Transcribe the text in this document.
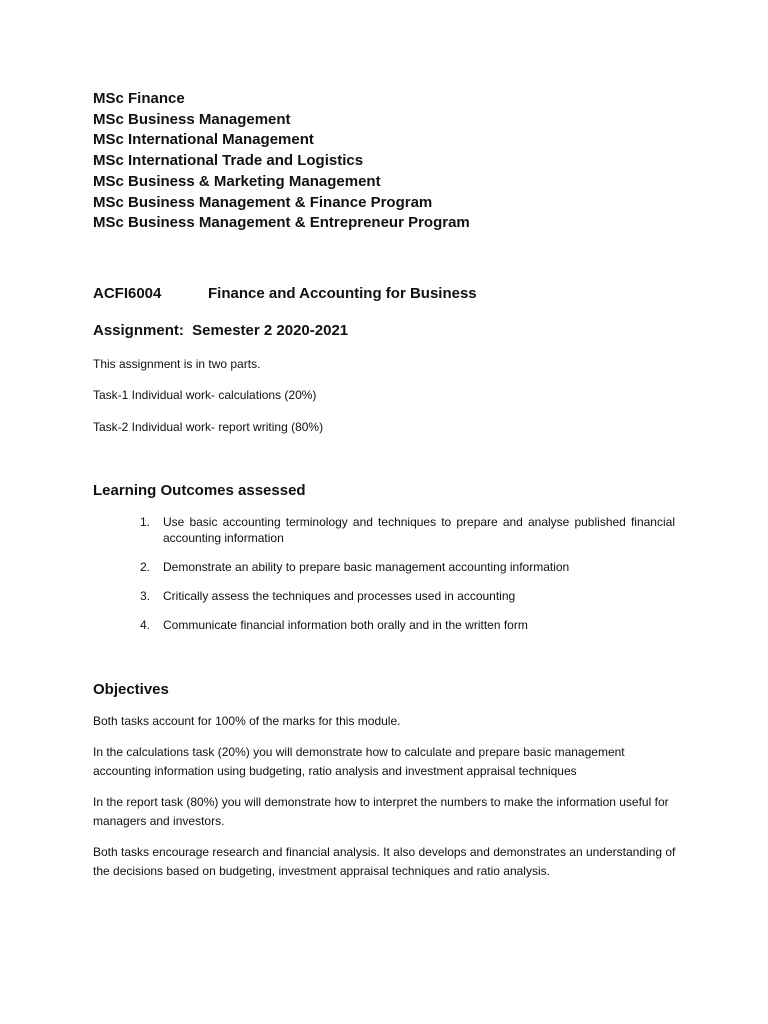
MSc Finance
MSc Business Management
MSc International Management
MSc International Trade and Logistics
MSc Business & Marketing Management
MSc Business Management & Finance Program
MSc Business Management & Entrepreneur Program
ACFI6004	Finance and Accounting for Business
Assignment:  Semester 2 2020-2021
This assignment is in two parts.
Task-1 Individual work- calculations (20%)
Task-2 Individual work- report writing (80%)
Learning Outcomes assessed
1.	Use basic accounting terminology and techniques to prepare and analyse published financial   accounting information
2.	Demonstrate an ability to prepare basic management accounting information
3.	Critically assess the techniques and processes used in accounting
4.	Communicate financial information both orally and in the written form
Objectives
Both tasks account for 100% of the marks for this module.
In the calculations task (20%) you will demonstrate how to calculate and prepare basic management accounting information using budgeting, ratio analysis and investment appraisal techniques
In the report task (80%) you will demonstrate how to interpret the numbers to make the information useful for managers and investors.
Both tasks encourage research and financial analysis. It also develops and demonstrates an understanding of the decisions based on budgeting, investment appraisal techniques and ratio analysis.
